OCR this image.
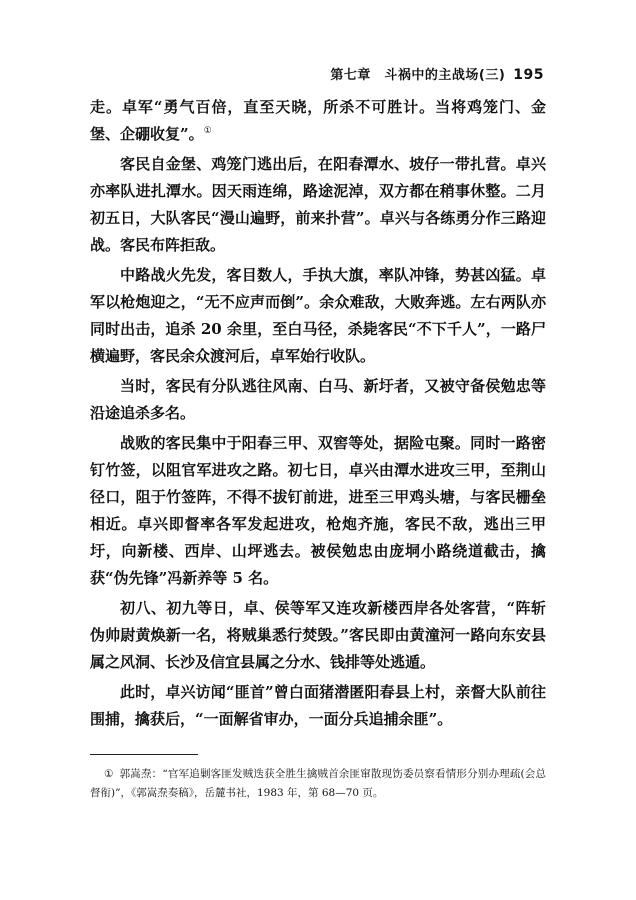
第七章　斗祸中的主战场(三) 195

走。卓军“勇气百倍，直至天晓，所杀不可胜计。当将鸡笼门、金堡、企硼收复”。①

客民自金堡、鸡笼门逃出后，在阳春潭水、坡仔一带扎营。卓兴亦率队进扎潭水。因天雨连绵，路途泥淖，双方都在稍事休整。二月初五日，大队客民“漫山遍野，前来扑营”。卓兴与各练勇分作三路迎战。客民布阵拒敌。

中路战火先发，客目数人，手执大旗，率队冲锋，势甚凶猛。卓军以枪炮迎之，“无不应声而倒”。余众难敌，大败奔逃。左右两队亦同时出击，追杀 20 余里，至白马径，杀毙客民“不下千人”，一路尸横遍野，客民余众渡河后，卓军始行收队。

当时，客民有分队逃往风南、白马、新圩者，又被守备侯勉忠等沿途追杀多名。

战败的客民集中于阳春三甲、双窖等处，据险屯聚。同时一路密钉竹签，以阻官军进攻之路。初七日，卓兴由潭水进攻三甲，至荆山径口，阻于竹签阵，不得不拔钉前进，进至三甲鸡头塘，与客民栅垒相近。卓兴即督率各军发起进攻，枪炮齐施，客民不敌，逃出三甲圩，向新楼、西岸、山坪逃去。被侯勉忠由庞垌小路绕道截击，擒获“伪先锋”冯新养等 5 名。

初八、初九等日，卓、侯等军又连攻新楼西岸各处客营，“阵斩伪帅尉黄焕新一名，将贼巢悉行焚毁。”客民即由黄潼河一路向东安县属之风洞、长沙及信宜县属之分水、钱排等处逃遁。

此时，卓兴访闻“匪首”曾白面猪潜匿阳春县上村，亲督大队前往围捕，擒获后，“一面解省审办，一面分兵追捕余匪”。

① 郭嵩焘：“官军追剿客匪发贼迭获全胜生擒贼首余匪窜散现饬委员察看情形分别办理疏(会总督衔)”，《郭嵩焘奏稿》，岳麓书社，1983 年，第 68—70 页。
